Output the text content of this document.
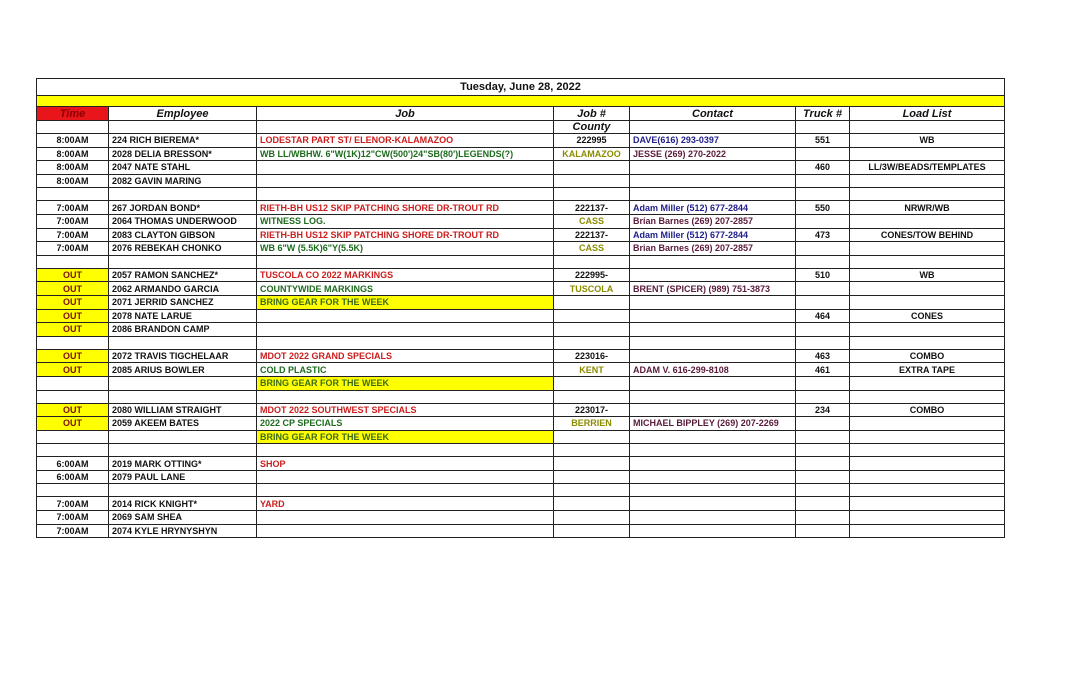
Tuesday, June 28, 2022						

Time	Employee	Job	Job #	Contact	Truck #	Load List
			County			
8:00AM	224 RICH BIEREMA*	LODESTAR PART ST/ ELENOR-KALAMAZOO	222995	DAVE(616) 293-0397	551	WB
8:00AM	2028 DELIA BRESSON*	WB LL/WBHW. 6"W(1K)12"CW(500')24"SB(80')LEGENDS(?)	KALAMAZOO	JESSE (269) 270-2022		
8:00AM	2047 NATE STAHL				460	LL/3W/BEADS/TEMPLATES
8:00AM	2082 GAVIN MARING					

7:00AM	267 JORDAN BOND*	RIETH-BH US12 SKIP PATCHING SHORE DR-TROUT RD	222137-	Adam Miller (512) 677-2844	550	NRWR/WB
7:00AM	2064 THOMAS UNDERWOOD	WITNESS LOG.	CASS	Brian Barnes (269) 207-2857		
7:00AM	2083 CLAYTON GIBSON	RIETH-BH US12 SKIP PATCHING SHORE DR-TROUT RD	222137-	Adam Miller (512) 677-2844	473	CONES/TOW BEHIND
7:00AM	2076 REBEKAH CHONKO	WB 6"W (5.5K)6"Y(5.5K)	CASS	Brian Barnes (269) 207-2857		

OUT	2057 RAMON SANCHEZ*	TUSCOLA CO 2022 MARKINGS	222995-		510	WB
OUT	2062 ARMANDO GARCIA	COUNTYWIDE MARKINGS	TUSCOLA	BRENT (SPICER) (989) 751-3873		
OUT	2071 JERRID SANCHEZ	BRING GEAR FOR THE WEEK				
OUT	2078 NATE LARUE				464	CONES
OUT	2086 BRANDON CAMP					

OUT	2072 TRAVIS TIGCHELAAR	MDOT 2022 GRAND SPECIALS	223016-		463	COMBO
OUT	2085 ARIUS BOWLER	COLD PLASTIC	KENT	ADAM V. 616-299-8108	461	EXTRA TAPE
		BRING GEAR FOR THE WEEK				

OUT	2080 WILLIAM STRAIGHT	MDOT 2022 SOUTHWEST SPECIALS	223017-		234	COMBO
OUT	2059 AKEEM BATES	2022 CP SPECIALS	BERRIEN	MICHAEL BIPPLEY (269) 207-2269		
		BRING GEAR FOR THE WEEK				

6:00AM	2019 MARK OTTING*	SHOP				
6:00AM	2079 PAUL LANE					

7:00AM	2014 RICK KNIGHT*	YARD				
7:00AM	2069 SAM SHEA					
7:00AM	2074 KYLE HRYNYSHYN					
